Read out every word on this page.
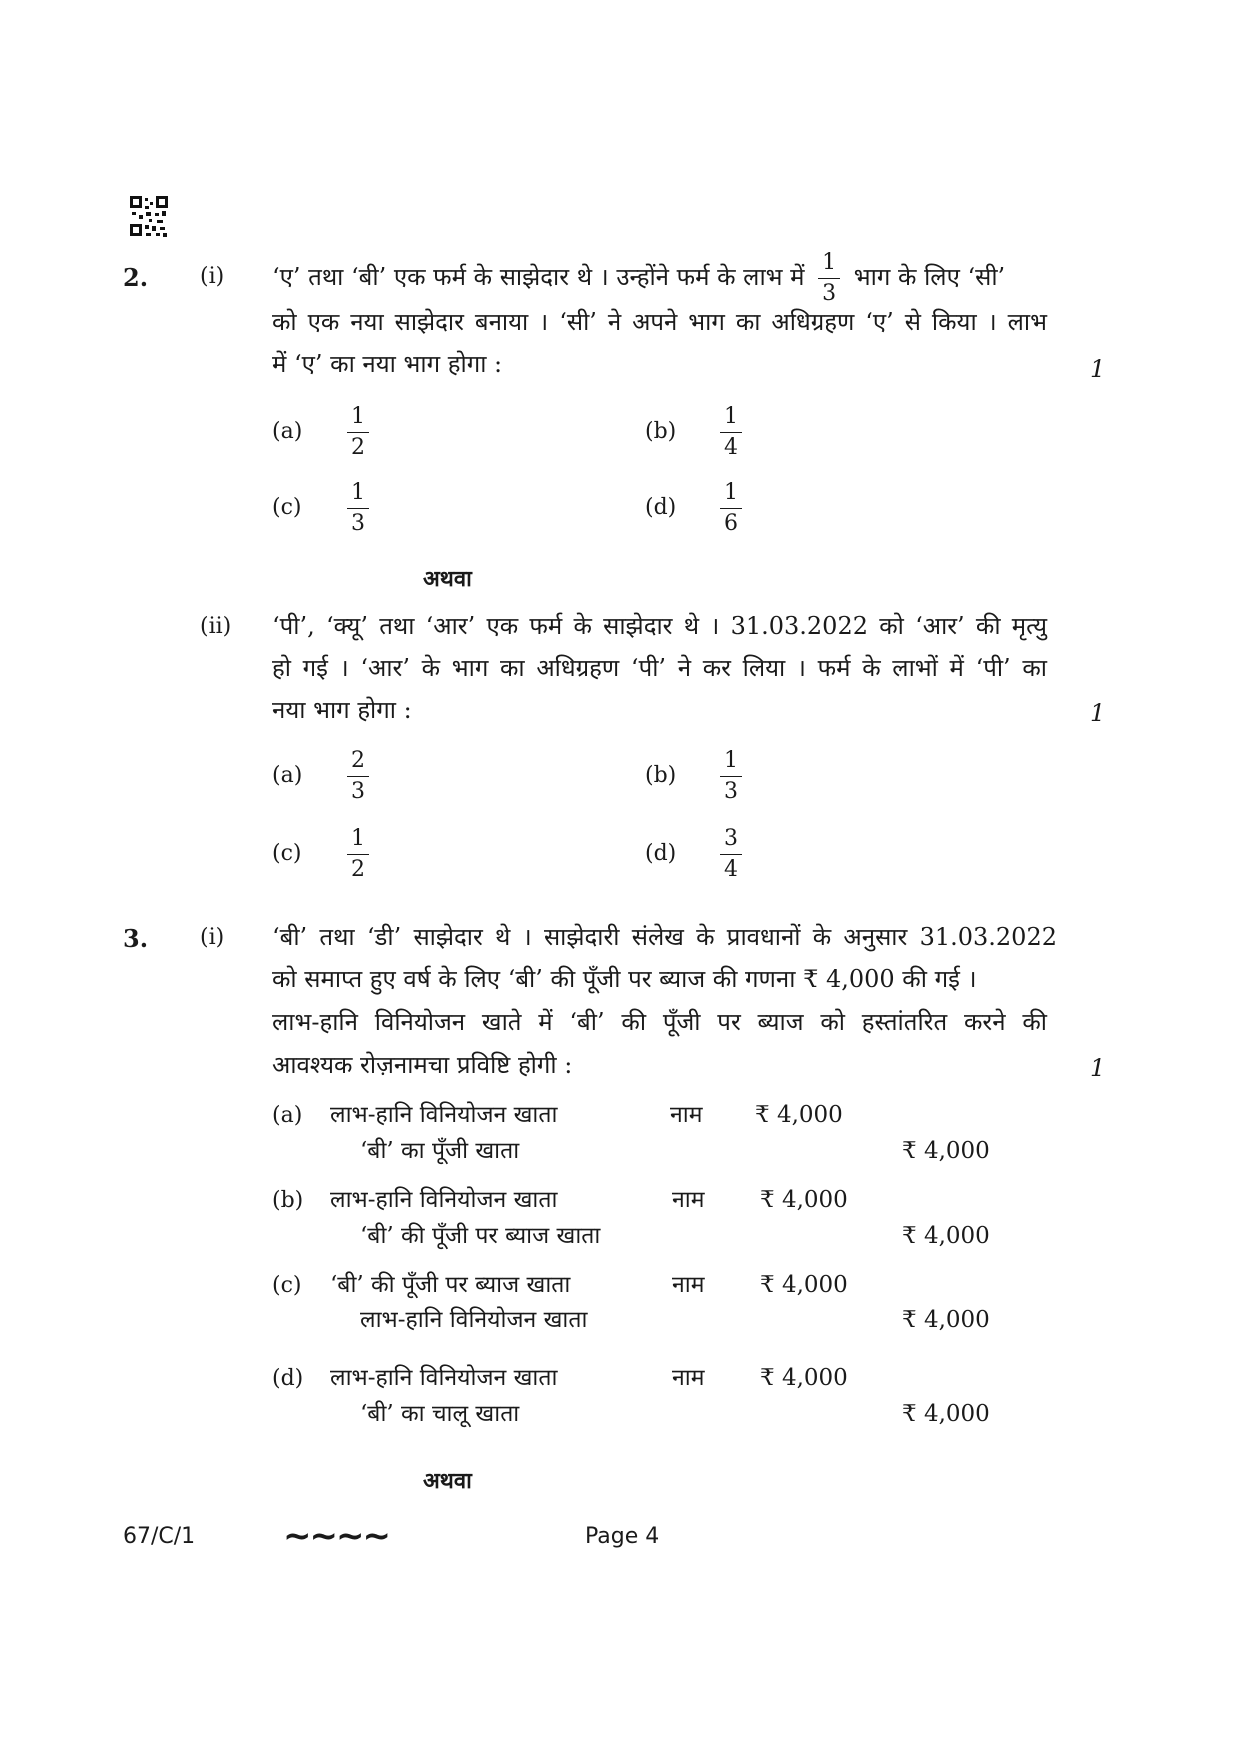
2. (i) ‘ए’ तथा ‘बी’ एक फर्म के साझेदार थे । उन्होंने फर्म के लाभ में $\frac{1}{3}$ भाग के लिए ‘सी’
को एक नया साझेदार बनाया । ‘सी’ ने अपने भाग का अधिग्रहण ‘ए’ से किया । लाभ
में ‘ए’ का नया भाग होगा :	1
$(a) \frac{1}{2}$	$(b) \frac{1}{4}$
$(c) \frac{1}{3}$	$(d) \frac{1}{6}$
अथवा
(ii) ‘पी’, ‘क्यू’ तथा ‘आर’ एक फर्म के साझेदार थे । 31.03.2022 को ‘आर’ की मृत्यु
हो गई । ‘आर’ के भाग का अधिग्रहण ‘पी’ ने कर लिया । फर्म के लाभों में ‘पी’ का
नया भाग होगा :	1
$(a) \frac{2}{3}$	$(b) \frac{1}{3}$
$(c) \frac{1}{2}$	$(d) \frac{3}{4}$
3. (i) ‘बी’ तथा ‘डी’ साझेदार थे । साझेदारी संलेख के प्रावधानों के अनुसार 31.03.2022
को समाप्त हुए वर्ष के लिए ‘बी’ की पूँजी पर ब्याज की गणना ₹ 4,000 की गई ।
लाभ-हानि विनियोजन खाते में ‘बी’ की पूँजी पर ब्याज को हस्तांतरित करने की
आवश्यक रोज़नामचा प्रविष्टि होगी :	1
(a) लाभ-हानि विनियोजन खाता	नाम ₹ 4,000
‘बी’ का पूँजी खाता	₹ 4,000
(b) लाभ-हानि विनियोजन खाता	नाम ₹ 4,000
‘बी’ की पूँजी पर ब्याज खाता	₹ 4,000
(c) ‘बी’ की पूँजी पर ब्याज खाता	नाम ₹ 4,000
लाभ-हानि विनियोजन खाता	₹ 4,000
(d) लाभ-हानि विनियोजन खाता	नाम ₹ 4,000
‘बी’ का चालू खाता	₹ 4,000
अथवा
67/C/1	~~~~	Page 4
